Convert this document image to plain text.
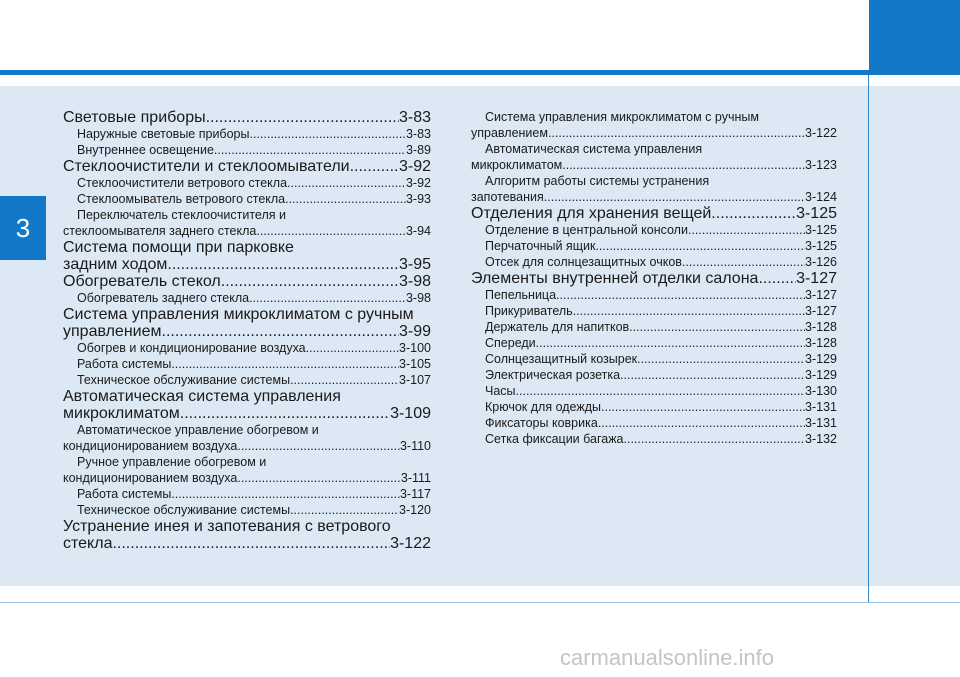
3
Световые приборы .....	3-83
Наружные световые приборы .....	3-83
Внутреннее освещение .....	3-89
Стеклоочистители и стеклоомыватели .....	3-92
Стеклоочистители ветрового стекла .....	3-92
Стеклоомыватель ветрового стекла .....	3-93
Переключатель стеклоочистителя и
стеклоомывателя заднего стекла .....	3-94
Система помощи при парковке
задним ходом .....	3-95
Обогреватель стекол .....	3-98
Обогреватель заднего стекла .....	3-98
Система управления микроклиматом с ручным
управлением .....	3-99
Обогрев и кондиционирование воздуха .....	3-100
Работа системы .....	3-105
Техническое обслуживание системы .....	3-107
Автоматическая система управления
микроклиматом .....	3-109
Автоматическое управление обогревом и
кондиционированием воздуха .....	3-110
Ручное управление обогревом и
кондиционированием воздуха .....	3-111
Работа системы .....	3-117
Техническое обслуживание системы .....	3-120
Устранение инея и запотевания с ветрового
стекла .....	3-122
Система управления микроклиматом с ручным
управлением .....	3-122
Автоматическая система управления
микроклиматом .....	3-123
Алгоритм работы системы устранения
запотевания .....	3-124
Отделения для хранения вещей .....	3-125
Отделение в центральной консоли .....	3-125
Перчаточный ящик .....	3-125
Отсек для солнцезащитных очков .....	3-126
Элементы внутренней отделки салона ..... 3-127
Пепельница .....	3-127
Прикуриватель .....	3-127
Держатель для напитков .....	3-128
Спереди .....	3-128
Солнцезащитный козырек .....	3-129
Электрическая розетка .....	3-129
Часы .....	3-130
Крючок для одежды .....	3-131
Фиксаторы коврика .....	3-131
Сетка фиксации багажа .....	3-132
carmanualsonline.info
